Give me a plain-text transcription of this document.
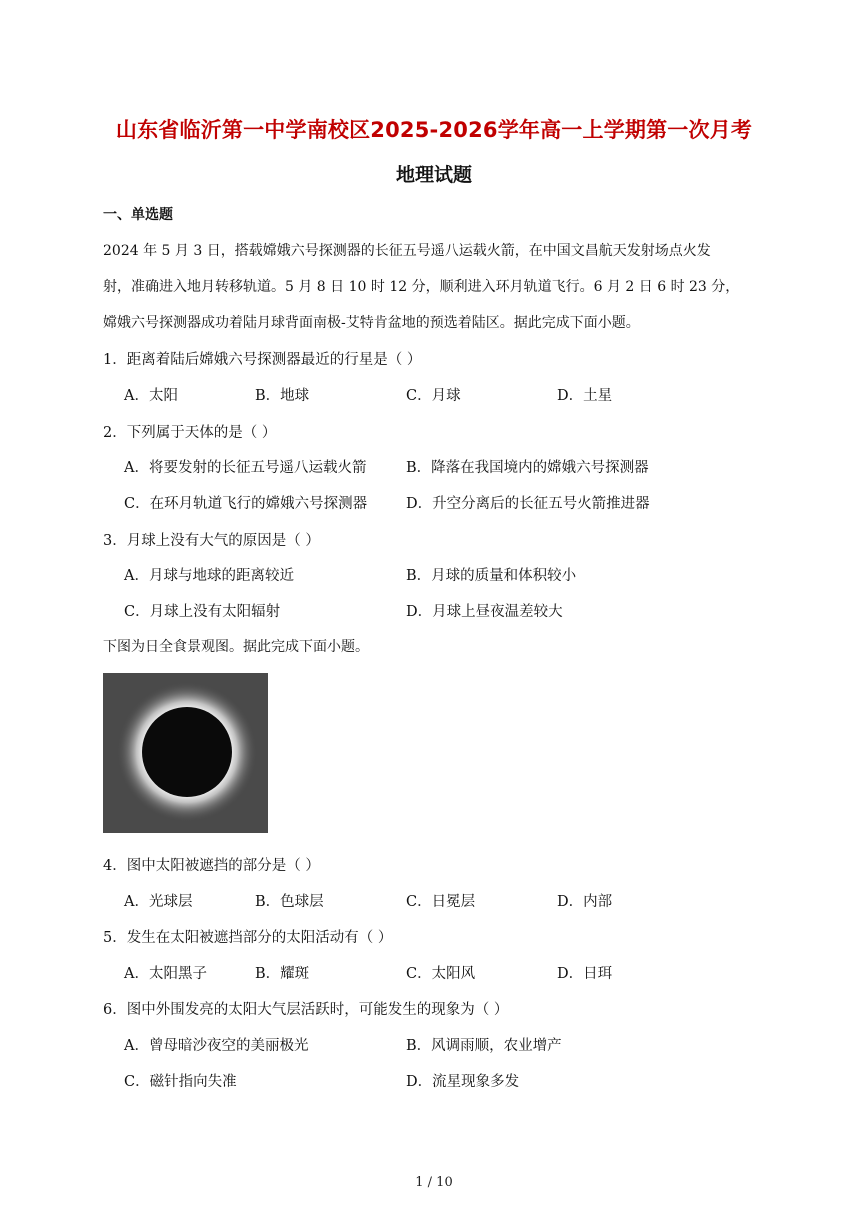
山东省临沂第一中学南校区2025-2026学年高一上学期第一次月考
地理试题
一、单选题
2024 年 5 月 3 日，搭载嫦娥六号探测器的长征五号遥八运载火箭，在中国文昌航天发射场点火发
射，准确进入地月转移轨道。5 月 8 日 10 时 12 分，顺利进入环月轨道飞行。6 月 2 日 6 时 23 分，
嫦娥六号探测器成功着陆月球背面南极-艾特肯盆地的预选着陆区。据此完成下面小题。
1．距离着陆后嫦娥六号探测器最近的行星是（ ）
A．太阳	B．地球	C．月球	D．土星
2．下列属于天体的是（ ）
A．将要发射的长征五号遥八运载火箭	B．降落在我国境内的嫦娥六号探测器
C．在环月轨道飞行的嫦娥六号探测器	D．升空分离后的长征五号火箭推进器
3．月球上没有大气的原因是（ ）
A．月球与地球的距离较近	B．月球的质量和体积较小
C．月球上没有太阳辐射	D．月球上昼夜温差较大
下图为日全食景观图。据此完成下面小题。
4．图中太阳被遮挡的部分是（ ）
A．光球层	B．色球层	C．日冕层	D．内部
5．发生在太阳被遮挡部分的太阳活动有（ ）
A．太阳黑子	B．耀斑	C．太阳风	D．日珥
6．图中外围发亮的太阳大气层活跃时，可能发生的现象为（ ）
A．曾母暗沙夜空的美丽极光	B．风调雨顺，农业增产
C．磁针指向失准	D．流星现象多发
1 / 10
